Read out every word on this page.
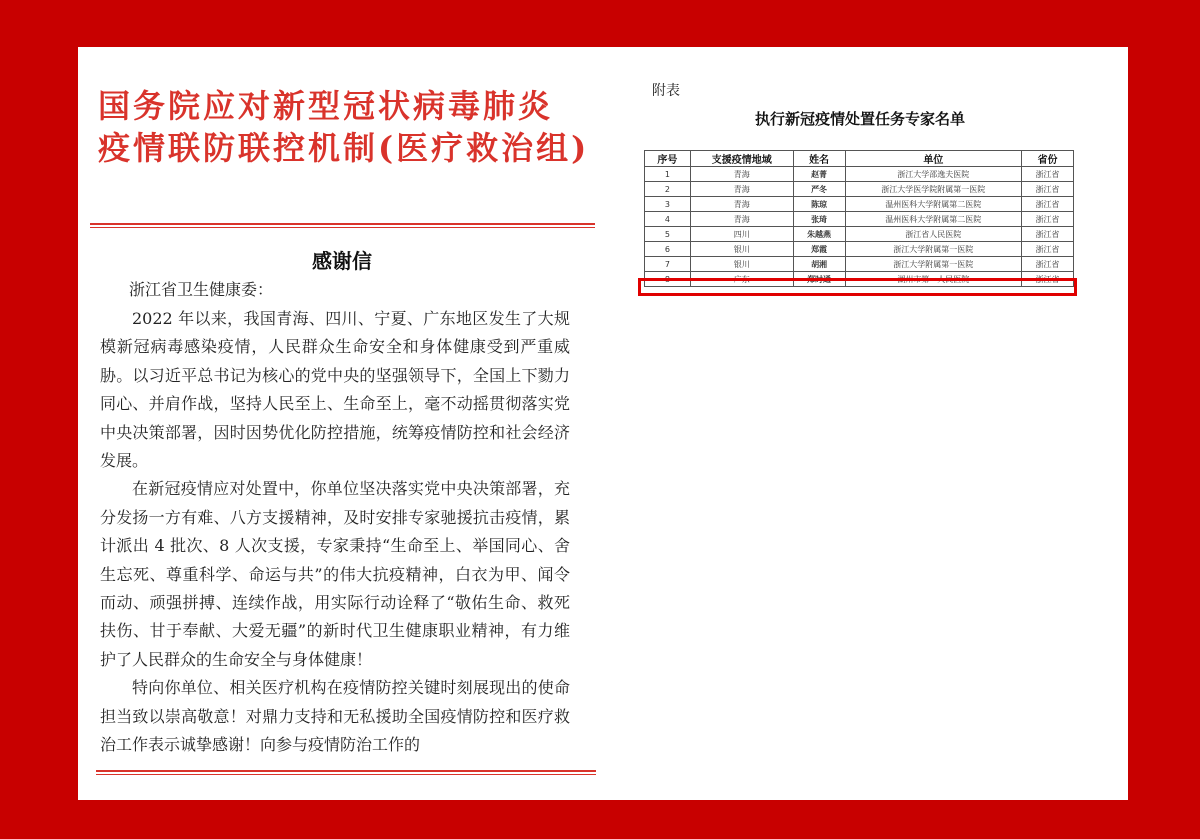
国务院应对新型冠状病毒肺炎
疫情联防联控机制(医疗救治组)
感谢信
浙江省卫生健康委：

2022 年以来，我国青海、四川、宁夏、广东地区发生了大规模新冠病毒感染疫情，人民群众生命安全和身体健康受到严重威胁。以习近平总书记为核心的党中央的坚强领导下，全国上下勠力同心、并肩作战，坚持人民至上、生命至上，毫不动摇贯彻落实党中央决策部署，因时因势优化防控措施，统筹疫情防控和社会经济发展。

在新冠疫情应对处置中，你单位坚决落实党中央决策部署，充分发扬一方有难、八方支援精神，及时安排专家驰援抗击疫情，累计派出 4 批次、8 人次支援，专家秉持“生命至上、举国同心、舍生忘死、尊重科学、命运与共”的伟大抗疫精神，白衣为甲、闻令而动、顽强拼搏、连续作战，用实际行动诠释了“敬佑生命、救死扶伤、甘于奉献、大爱无疆”的新时代卫生健康职业精神，有力维护了人民群众的生命安全与身体健康！

特向你单位、相关医疗机构在疫情防控关键时刻展现出的使命担当致以崇高敬意！对鼎力支持和无私援助全国疫情防控和医疗救治工作表示诚挚感谢！向参与疫情防治工作的

附表
执行新冠疫情处置任务专家名单
序号	支援疫情地域	姓名	单位	省份
1	青海	赵菁	浙江大学邵逸夫医院	浙江省
2	青海	严冬	浙江大学医学院附属第一医院	浙江省
3	青海	陈琼	温州医科大学附属第二医院	浙江省
4	青海	张琦	温州医科大学附属第二医院	浙江省
5	四川	朱越燕	浙江省人民医院	浙江省
6	银川	郑霞	浙江大学附属第一医院	浙江省
7	银川	胡湘	浙江大学附属第一医院	浙江省
8	广东	郑时通	湖州市第一人民医院	浙江省
